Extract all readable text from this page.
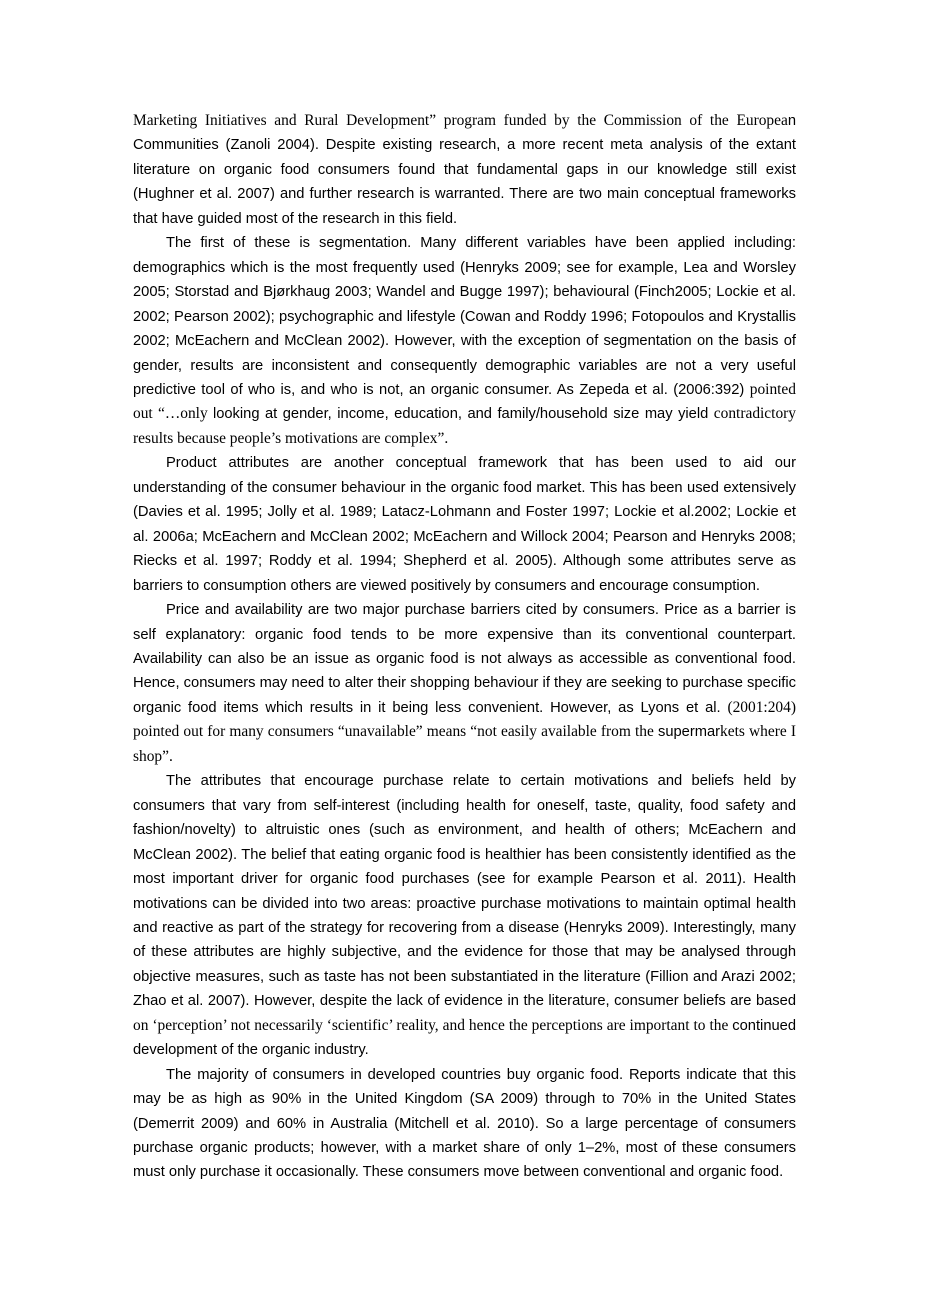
Marketing Initiatives and Rural Development” program funded by the Commission of the European Communities (Zanoli 2004). Despite existing research, a more recent meta analysis of the extant literature on organic food consumers found that fundamental gaps in our knowledge still exist (Hughner et al. 2007) and further research is warranted. There are two main conceptual frameworks that have guided most of the research in this field.

The first of these is segmentation. Many different variables have been applied including: demographics which is the most frequently used (Henryks 2009; see for example, Lea and Worsley 2005; Storstad and Bjørkhaug 2003; Wandel and Bugge 1997); behavioural (Finch2005; Lockie et al. 2002; Pearson 2002); psychographic and lifestyle (Cowan and Roddy 1996; Fotopoulos and Krystallis 2002; McEachern and McClean 2002). However, with the exception of segmentation on the basis of gender, results are inconsistent and consequently demographic variables are not a very useful predictive tool of who is, and who is not, an organic consumer. As Zepeda et al. (2006:392) pointed out “…only looking at gender, income, education, and family/household size may yield contradictory results because people’s motivations are complex”.

Product attributes are another conceptual framework that has been used to aid our understanding of the consumer behaviour in the organic food market. This has been used extensively (Davies et al. 1995; Jolly et al. 1989; Latacz-Lohmann and Foster 1997; Lockie et al.2002; Lockie et al. 2006a; McEachern and McClean 2002; McEachern and Willock 2004; Pearson and Henryks 2008; Riecks et al. 1997; Roddy et al. 1994; Shepherd et al. 2005). Although some attributes serve as barriers to consumption others are viewed positively by consumers and encourage consumption.

Price and availability are two major purchase barriers cited by consumers. Price as a barrier is self explanatory: organic food tends to be more expensive than its conventional counterpart. Availability can also be an issue as organic food is not always as accessible as conventional food. Hence, consumers may need to alter their shopping behaviour if they are seeking to purchase specific organic food items which results in it being less convenient. However, as Lyons et al. (2001:204) pointed out for many consumers “unavailable” means “not easily available from the supermarkets where I shop”.

The attributes that encourage purchase relate to certain motivations and beliefs held by consumers that vary from self-interest (including health for oneself, taste, quality, food safety and fashion/novelty) to altruistic ones (such as environment, and health of others; McEachern and McClean 2002). The belief that eating organic food is healthier has been consistently identified as the most important driver for organic food purchases (see for example Pearson et al. 2011). Health motivations can be divided into two areas: proactive purchase motivations to maintain optimal health and reactive as part of the strategy for recovering from a disease (Henryks 2009). Interestingly, many of these attributes are highly subjective, and the evidence for those that may be analysed through objective measures, such as taste has not been substantiated in the literature (Fillion and Arazi 2002; Zhao et al. 2007). However, despite the lack of evidence in the literature, consumer beliefs are based on ‘perception’ not necessarily ‘scientific’ reality, and hence the perceptions are important to the continued development of the organic industry.

The majority of consumers in developed countries buy organic food. Reports indicate that this may be as high as 90% in the United Kingdom (SA 2009) through to 70% in the United States (Demerrit 2009) and 60% in Australia (Mitchell et al. 2010). So a large percentage of consumers purchase organic products; however, with a market share of only 1–2%, most of these consumers must only purchase it occasionally. These consumers move between conventional and organic food.
